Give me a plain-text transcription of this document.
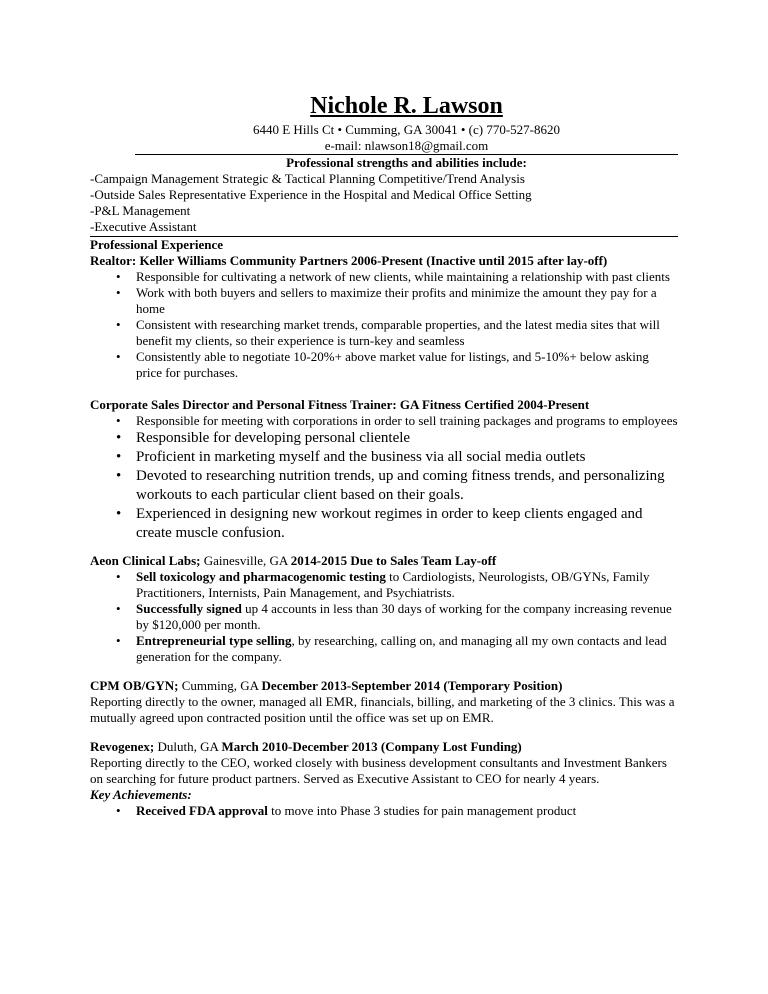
Nichole R. Lawson
6440 E Hills Ct • Cumming, GA 30041 • (c) 770-527-8620
e-mail: nlawson18@gmail.com
Professional strengths and abilities include:
-Campaign Management Strategic & Tactical Planning Competitive/Trend Analysis
-Outside Sales Representative Experience in the Hospital and Medical Office Setting
-P&L Management
-Executive Assistant
Professional Experience
Realtor: Keller Williams Community Partners 2006-Present (Inactive until 2015 after lay-off)
• Responsible for cultivating a network of new clients, while maintaining a relationship with past clients
• Work with both buyers and sellers to maximize their profits and minimize the amount they pay for a home
• Consistent with researching market trends, comparable properties, and the latest media sites that will benefit my clients, so their experience is turn-key and seamless
• Consistently able to negotiate 10-20%+ above market value for listings, and 5-10%+ below asking price for purchases.
Corporate Sales Director and Personal Fitness Trainer: GA Fitness Certified 2004-Present
• Responsible for meeting with corporations in order to sell training packages and programs to employees
• Responsible for developing personal clientele
• Proficient in marketing myself and the business via all social media outlets
• Devoted to researching nutrition trends, up and coming fitness trends, and personalizing workouts to each particular client based on their goals.
• Experienced in designing new workout regimes in order to keep clients engaged and create muscle confusion.
Aeon Clinical Labs; Gainesville, GA 2014-2015 Due to Sales Team Lay-off
• Sell toxicology and pharmacogenomic testing to Cardiologists, Neurologists, OB/GYNs, Family Practitioners, Internists, Pain Management, and Psychiatrists.
• Successfully signed up 4 accounts in less than 30 days of working for the company increasing revenue by $120,000 per month.
• Entrepreneurial type selling, by researching, calling on, and managing all my own contacts and lead generation for the company.
CPM OB/GYN; Cumming, GA December 2013-September 2014 (Temporary Position)
Reporting directly to the owner, managed all EMR, financials, billing, and marketing of the 3 clinics. This was a mutually agreed upon contracted position until the office was set up on EMR.
Revogenex; Duluth, GA March 2010-December 2013 (Company Lost Funding)
Reporting directly to the CEO, worked closely with business development consultants and Investment Bankers on searching for future product partners. Served as Executive Assistant to CEO for nearly 4 years.
Key Achievements:
• Received FDA approval to move into Phase 3 studies for pain management product
